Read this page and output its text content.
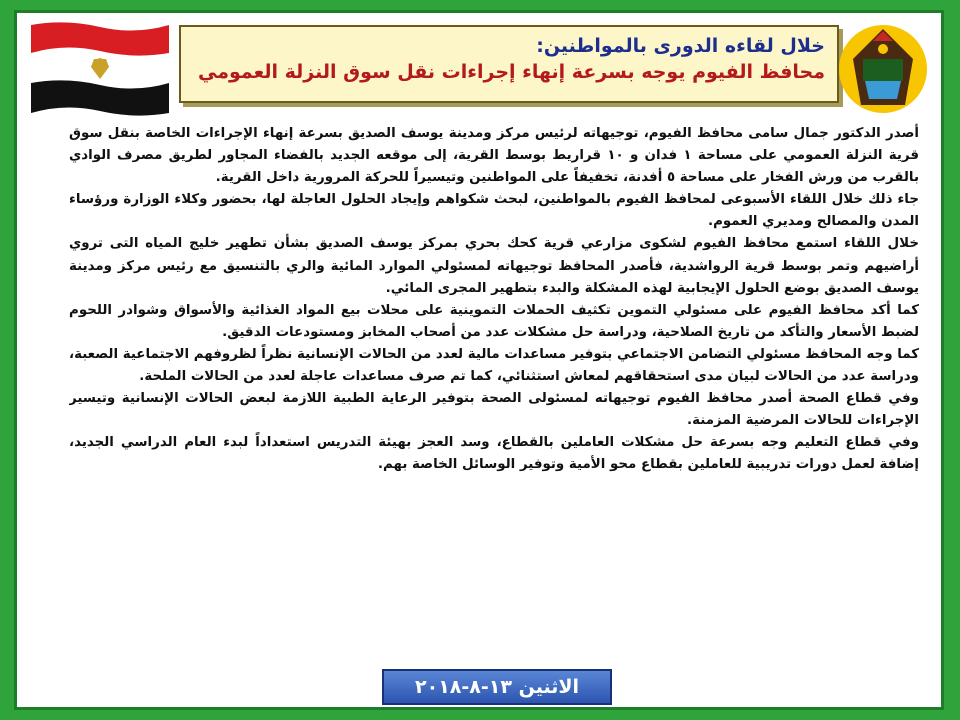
خلال لقاءه الدورى بالمواطنين:
محافظ الفيوم يوجه بسرعة إنهاء إجراءات نقل سوق النزلة العمومي

أصدر الدكتور جمال سامى محافظ الفيوم، توجيهاته لرئيس مركز ومدينة يوسف الصديق بسرعة إنهاء الإجراءات الخاصة بنقل سوق قرية النزلة العمومي على مساحة ١ فدان و ١٠ قراريط بوسط القرية، إلى موقعه الجديد بالفضاء المجاور لطريق مصرف الوادي بالقرب من ورش الفخار على مساحة ٥ أفدنة، تخفيفاً على المواطنين وتيسيراً للحركة المرورية داخل القرية.

جاء ذلك خلال اللقاء الأسبوعى لمحافظ الفيوم بالمواطنين، لبحث شكواهم وإيجاد الحلول العاجلة لها، بحضور وكلاء الوزارة ورؤساء المدن والمصالح ومديري العموم.

خلال اللقاء استمع محافظ الفيوم لشكوى مزارعي قرية كحك بحري بمركز يوسف الصديق بشأن تطهير خليج المياه التى تروي أراضيهم وتمر بوسط قرية الرواشدية، فأصدر المحافظ توجيهاته لمسئولي الموارد المائية والري بالتنسيق مع رئيس مركز ومدينة يوسف الصديق بوضع الحلول الإيجابية لهذه المشكلة والبدء بتطهير المجرى المائي.

كما أكد محافظ الفيوم على مسئولي التموين تكثيف الحملات التموينية على محلات بيع المواد الغذائية والأسواق وشوادر اللحوم لضبط الأسعار والتأكد من تاريخ الصلاحية، ودراسة حل مشكلات عدد من أصحاب المخابز ومستودعات الدقيق.

كما وجه المحافظ مسئولي التضامن الاجتماعي بتوفير مساعدات مالية لعدد من الحالات الإنسانية نظراً لظروفهم الاجتماعية الصعبة، ودراسة عدد من الحالات لبيان مدى استحقاقهم لمعاش استثنائي، كما تم صرف مساعدات عاجلة لعدد من الحالات الملحة.

وفي قطاع الصحة أصدر محافظ الفيوم توجيهاته لمسئولى الصحة بتوفير الرعاية الطبية اللازمة لبعض الحالات الإنسانية وتيسير الإجراءات للحالات المرضية المزمنة.

وفي قطاع التعليم وجه بسرعة حل مشكلات العاملين بالقطاع، وسد العجز بهيئة التدريس استعداداً لبدء العام الدراسي الجديد، إضافة لعمل دورات تدريبية للعاملين بقطاع محو الأمية وتوفير الوسائل الخاصة بهم.

الاثنين ١٣-٨-٢٠١٨
